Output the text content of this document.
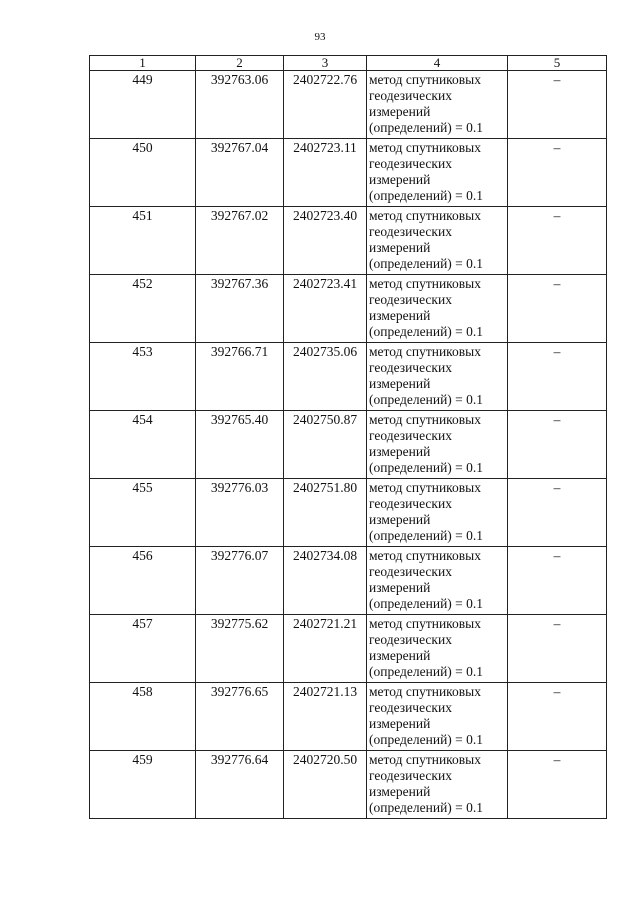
93
1	2	3	4	5
449	392763.06	2402722.76	метод спутниковых
геодезических
измерений
(определений) = 0.1	–
450	392767.04	2402723.11	метод спутниковых
геодезических
измерений
(определений) = 0.1	–
451	392767.02	2402723.40	метод спутниковых
геодезических
измерений
(определений) = 0.1	–
452	392767.36	2402723.41	метод спутниковых
геодезических
измерений
(определений) = 0.1	–
453	392766.71	2402735.06	метод спутниковых
геодезических
измерений
(определений) = 0.1	–
454	392765.40	2402750.87	метод спутниковых
геодезических
измерений
(определений) = 0.1	–
455	392776.03	2402751.80	метод спутниковых
геодезических
измерений
(определений) = 0.1	–
456	392776.07	2402734.08	метод спутниковых
геодезических
измерений
(определений) = 0.1	–
457	392775.62	2402721.21	метод спутниковых
геодезических
измерений
(определений) = 0.1	–
458	392776.65	2402721.13	метод спутниковых
геодезических
измерений
(определений) = 0.1	–
459	392776.64	2402720.50	метод спутниковых
геодезических
измерений
(определений) = 0.1	–
